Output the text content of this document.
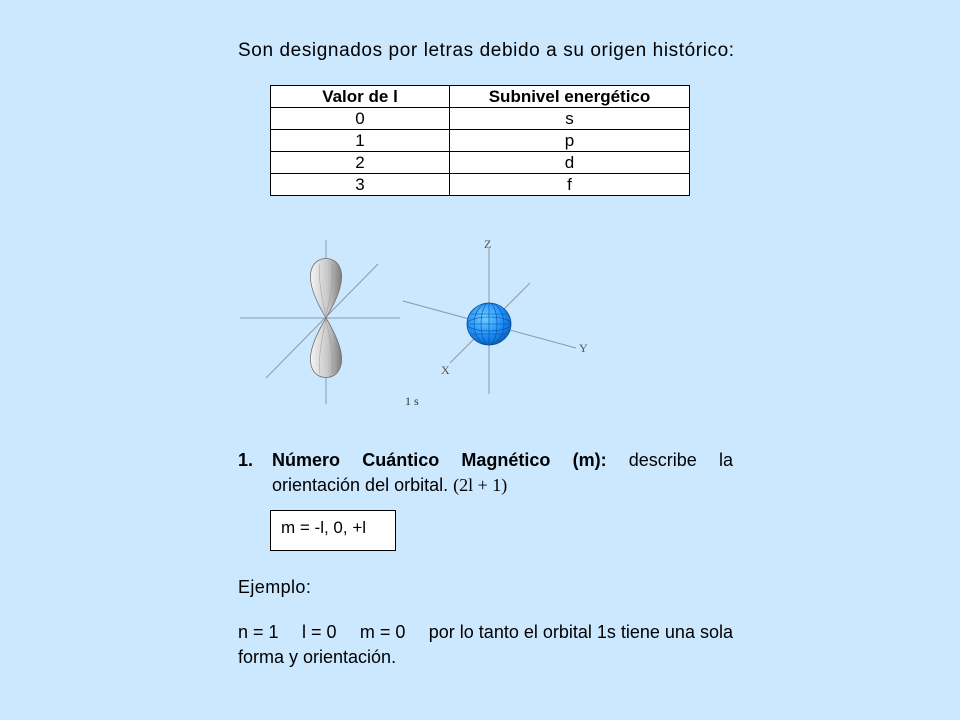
Son designados por letras debido a su origen histórico:
Valor de l	Subnivel energético
0	s
1	p
2	d
3	f
Z
Y
X
1 s
1. Número Cuántico Magnético (m): describe la
orientación del orbital. (2l + 1)
m = -l, 0, +l
Ejemplo:
n = 1 l = 0 m = 0 por lo tanto el orbital 1s tiene una sola
forma y orientación.
